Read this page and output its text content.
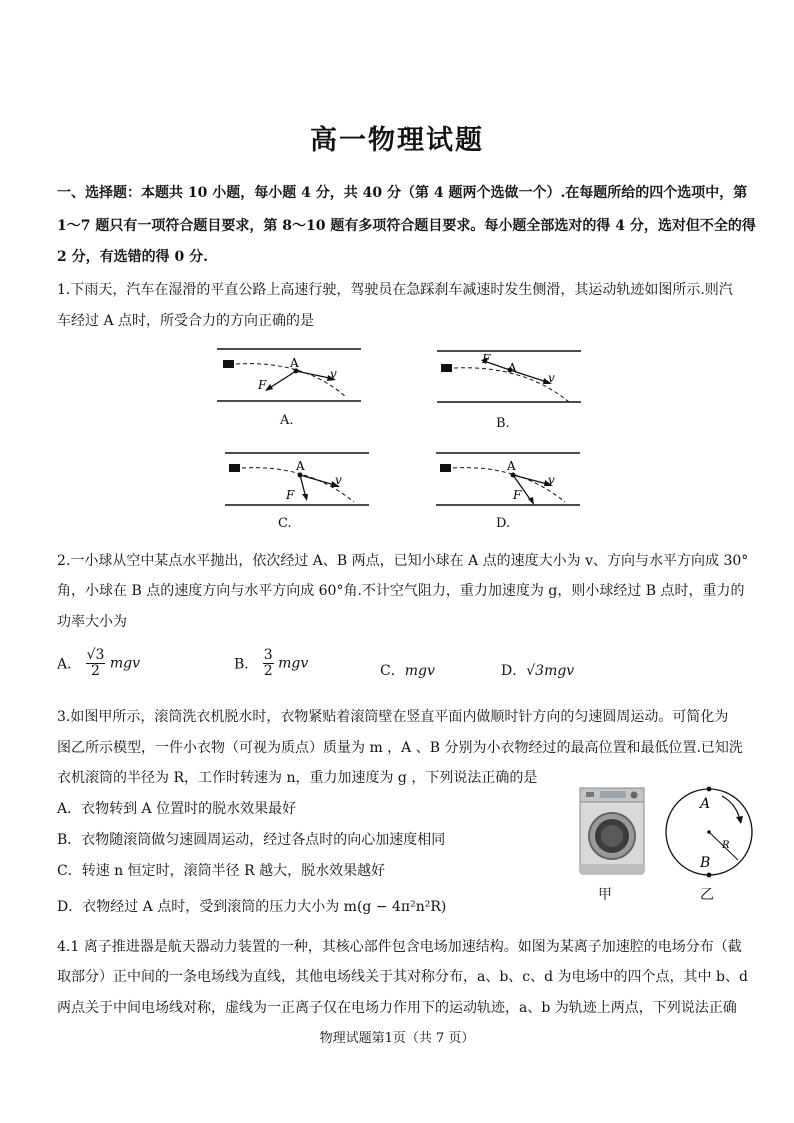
高一物理试题
一、选择题：本题共 10 小题，每小题 4 分，共 40 分（第 4 题两个选做一个）.在每题所给的四个选项中，第
1～7 题只有一项符合题目要求，第 8～10 题有多项符合题目要求。每小题全部选对的得 4 分，选对但不全的得
2 分，有选错的得 0 分.
1.下雨天，汽车在湿滑的平直公路上高速行驶，驾驶员在急踩刹车减速时发生侧滑，其运动轨迹如图所示.则汽
车经过 A 点时，所受合力的方向正确的是
A
F
v
A.
F
A
v
B.
A
F
v
C.
A
F
v
D.
2.一小球从空中某点水平抛出，依次经过 A、B 两点，已知小球在 A 点的速度大小为 v、方向与水平方向成 30°
角，小球在 B 点的速度方向与水平方向成 60°角.不计空气阻力，重力加速度为 g，则小球经过 B 点时，重力的
功率大小为
A． $\frac{√3}{2}$ mgv	B． $\frac{3}{2}$ mgv	C．mgv	D．√3mgv
3.如图甲所示，滚筒洗衣机脱水时，衣物紧贴着滚筒壁在竖直平面内做顺时针方向的匀速圆周运动。可简化为
图乙所示模型，一件小衣物（可视为质点）质量为 m ，A 、B 分别为小衣物经过的最高位置和最低位置.已知洗
衣机滚筒的半径为 R，工作时转速为 n，重力加速度为 g ，下列说法正确的是
A．衣物转到 A 位置时的脱水效果最好
B．衣物随滚筒做匀速圆周运动，经过各点时的向心加速度相同
C．转速 n 恒定时，滚筒半径 R 越大，脱水效果越好
D．衣物经过 A 点时，受到滚筒的压力大小为 m(g − 4π²n²R)
甲
A
B
R
乙
4.1 离子推进器是航天器动力装置的一种，其核心部件包含电场加速结构。如图为某离子加速腔的电场分布（截
取部分）正中间的一条电场线为直线，其他电场线关于其对称分布，a、b、c、d 为电场中的四个点，其中 b、d
两点关于中间电场线对称，虚线为一正离子仅在电场力作用下的运动轨迹，a、b 为轨迹上两点，下列说法正确
物理试题第1页（共 7 页）
